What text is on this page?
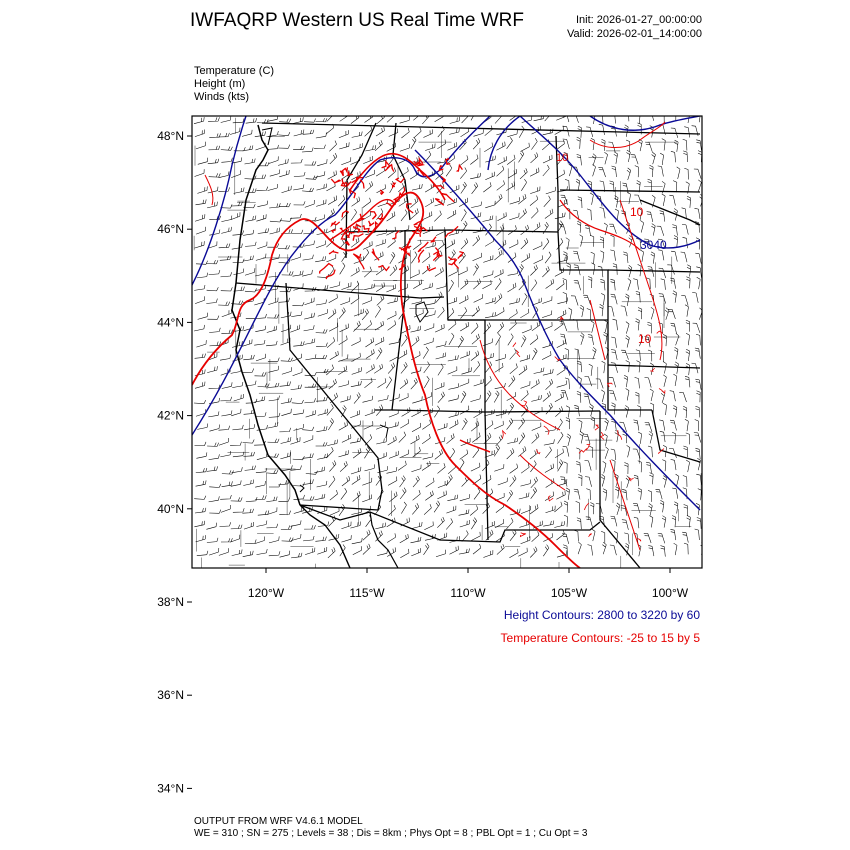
IWFAQRP Western US Real Time WRF	Init: 2026-01-27_00:00:00
Valid: 2026-02-01_14:00:00
Temperature (C)
Height (m)
Winds (kts)
3040
10
10
10
48°N
46°N
44°N
42°N
40°N
38°N
36°N
34°N
120°W	115°W	110°W	105°W	100°W
Height Contours: 2800 to 3220 by 60
Temperature Contours: -25 to 15 by 5
OUTPUT FROM WRF V4.6.1 MODEL
WE = 310 ; SN = 275 ; Levels = 38 ; Dis = 8km ; Phys Opt = 8 ; PBL Opt = 1 ; Cu Opt = 3
